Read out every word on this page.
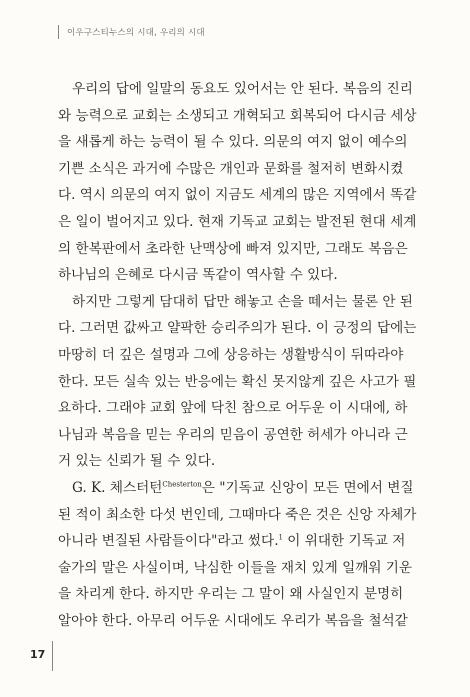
이우구스티누스의 시대, 우리의 시대
우리의 답에 일말의 동요도 있어서는 안 된다. 복음의 진리
와 능력으로 교회는 소생되고 개혁되고 회복되어 다시금 세상
을 새롭게 하는 능력이 될 수 있다. 의문의 여지 없이 예수의
기쁜 소식은 과거에 수많은 개인과 문화를 철저히 변화시켰
다. 역시 의문의 여지 없이 지금도 세계의 많은 지역에서 똑같
은 일이 벌어지고 있다. 현재 기독교 교회는 발전된 현대 세계
의 한복판에서 초라한 난맥상에 빠져 있지만, 그래도 복음은
하나님의 은혜로 다시금 똑같이 역사할 수 있다.
하지만 그렇게 담대히 답만 해놓고 손을 떼서는 물론 안 된
다. 그러면 값싸고 얄팍한 승리주의가 된다. 이 긍정의 답에는
마땅히 더 깊은 설명과 그에 상응하는 생활방식이 뒤따라야
한다. 모든 실속 있는 반응에는 확신 못지않게 깊은 사고가 필
요하다. 그래야 교회 앞에 닥친 참으로 어두운 이 시대에, 하
나님과 복음을 믿는 우리의 믿음이 공연한 허세가 아니라 근
거 있는 신뢰가 될 수 있다.
G. K. 체스터턴$^{Chesterton}$은 "기독교 신앙이 모든 면에서 변질
된 적이 최소한 다섯 번인데, 그때마다 죽은 것은 신앙 자체가
아니라 변질된 사람들이다"라고 썼다.$^1$ 이 위대한 기독교 저
술가의 말은 사실이며, 낙심한 이들을 재치 있게 일깨워 기운
을 차리게 한다. 하지만 우리는 그 말이 왜 사실인지 분명히
알아야 한다. 아무리 어두운 시대에도 우리가 복음을 철석같
17
